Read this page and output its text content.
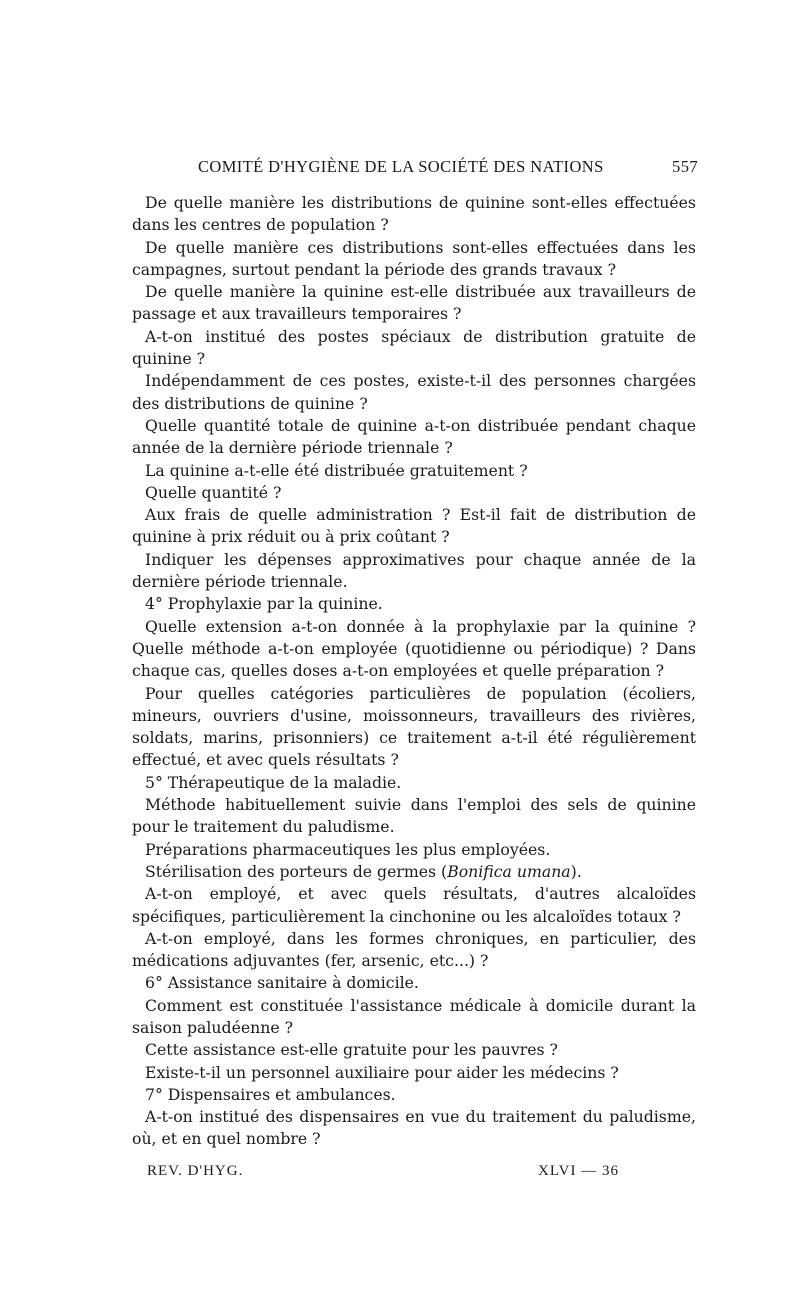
COMITÉ D'HYGIÈNE DE LA SOCIÉTÉ DES NATIONS	557

De quelle manière les distributions de quinine sont-elles effectuées dans les centres de population ?

De quelle manière ces distributions sont-elles effectuées dans les campagnes, surtout pendant la période des grands travaux ?

De quelle manière la quinine est-elle distribuée aux travailleurs de passage et aux travailleurs temporaires ?

A-t-on institué des postes spéciaux de distribution gratuite de quinine ?

Indépendamment de ces postes, existe-t-il des personnes chargées des distributions de quinine ?

Quelle quantité totale de quinine a-t-on distribuée pendant chaque année de la dernière période triennale ?

La quinine a-t-elle été distribuée gratuitement ?

Quelle quantité ?

Aux frais de quelle administration ? Est-il fait de distribution de quinine à prix réduit ou à prix coûtant ?

Indiquer les dépenses approximatives pour chaque année de la dernière période triennale.

4° Prophylaxie par la quinine.

Quelle extension a-t-on donnée à la prophylaxie par la quinine ? Quelle méthode a-t-on employée (quotidienne ou périodique) ? Dans chaque cas, quelles doses a-t-on employées et quelle préparation ?

Pour quelles catégories particulières de population (écoliers, mineurs, ouvriers d'usine, moissonneurs, travailleurs des rivières, soldats, marins, prisonniers) ce traitement a-t-il été régulièrement effectué, et avec quels résultats ?

5° Thérapeutique de la maladie.

Méthode habituellement suivie dans l'emploi des sels de quinine pour le traitement du paludisme.

Préparations pharmaceutiques les plus employées.

Stérilisation des porteurs de germes (Bonifica umana).

A-t-on employé, et avec quels résultats, d'autres alcaloïdes spécifiques, particulièrement la cinchonine ou les alcaloïdes totaux ?

A-t-on employé, dans les formes chroniques, en particulier, des médications adjuvantes (fer, arsenic, etc...) ?

6° Assistance sanitaire à domicile.

Comment est constituée l'assistance médicale à domicile durant la saison paludéenne ?

Cette assistance est-elle gratuite pour les pauvres ?

Existe-t-il un personnel auxiliaire pour aider les médecins ?

7° Dispensaires et ambulances.

A-t-on institué des dispensaires en vue du traitement du paludisme, où, et en quel nombre ?

REV. D'HYG.	XLVI — 36
